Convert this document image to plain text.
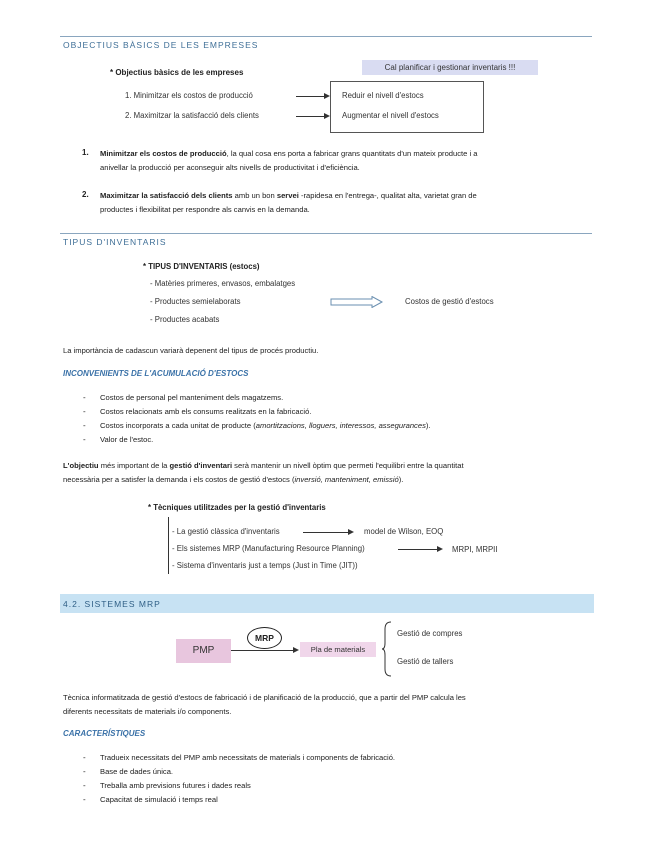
OBJECTIUS BÀSICS DE LES EMPRESES
* Objectius bàsics de les empreses
Cal planificar i gestionar inventaris !!!
1. Minimitzar els costos de producció
2. Maximitzar la satisfacció dels clients
Reduir el nivell d'estocs
Augmentar el nivell d'estocs
1. Minimitzar els costos de producció, la qual cosa ens porta a fabricar grans quantitats d'un mateix producte i a
anivellar la producció per aconseguir alts nivells de productivitat i d'eficiència.
2. Maximitzar la satisfacció dels clients amb un bon servei -rapidesa en l'entrega-, qualitat alta, varietat gran de
productes i flexibilitat per respondre als canvis en la demanda.
TIPUS D'INVENTARIS
* TIPUS D'INVENTARIS (estocs)
- Matèries primeres, envasos, embalatges
- Productes semielaborats
- Productes acabats
Costos de gestió d'estocs
La importància de cadascun variarà depenent del tipus de procés productiu.
INCONVENIENTS DE L'ACUMULACIÓ D'ESTOCS
- Costos de personal pel manteniment dels magatzems.
- Costos relacionats amb els consums realitzats en la fabricació.
- Costos incorporats a cada unitat de producte (amortitzacions, lloguers, interessos, assegurances).
- Valor de l'estoc.
L'objectiu més important de la gestió d'inventari serà mantenir un nivell òptim que permeti l'equilibri entre la quantitat
necessària per a satisfer la demanda i els costos de gestió d'estocs (inversió, manteniment, emissió).
* Tècniques utilitzades per la gestió d'inventaris
- La gestió clàssica d'inventaris	model de Wilson, EOQ
- Els sistemes MRP (Manufacturing Resource Planning)	MRPI, MRPII
- Sistema d'inventaris just a temps (Just in Time (JIT))
4.2. SISTEMES MRP
PMP
MRP
Pla de materials
Gestió de compres
Gestió de tallers
Tècnica informatitzada de gestió d'estocs de fabricació i de planificació de la producció, que a partir del PMP calcula les
diferents necessitats de materials i/o components.
CARACTERÍSTIQUES
- Tradueix necessitats del PMP amb necessitats de materials i components de fabricació.
- Base de dades única.
- Treballa amb previsions futures i dades reals
- Capacitat de simulació i temps real
